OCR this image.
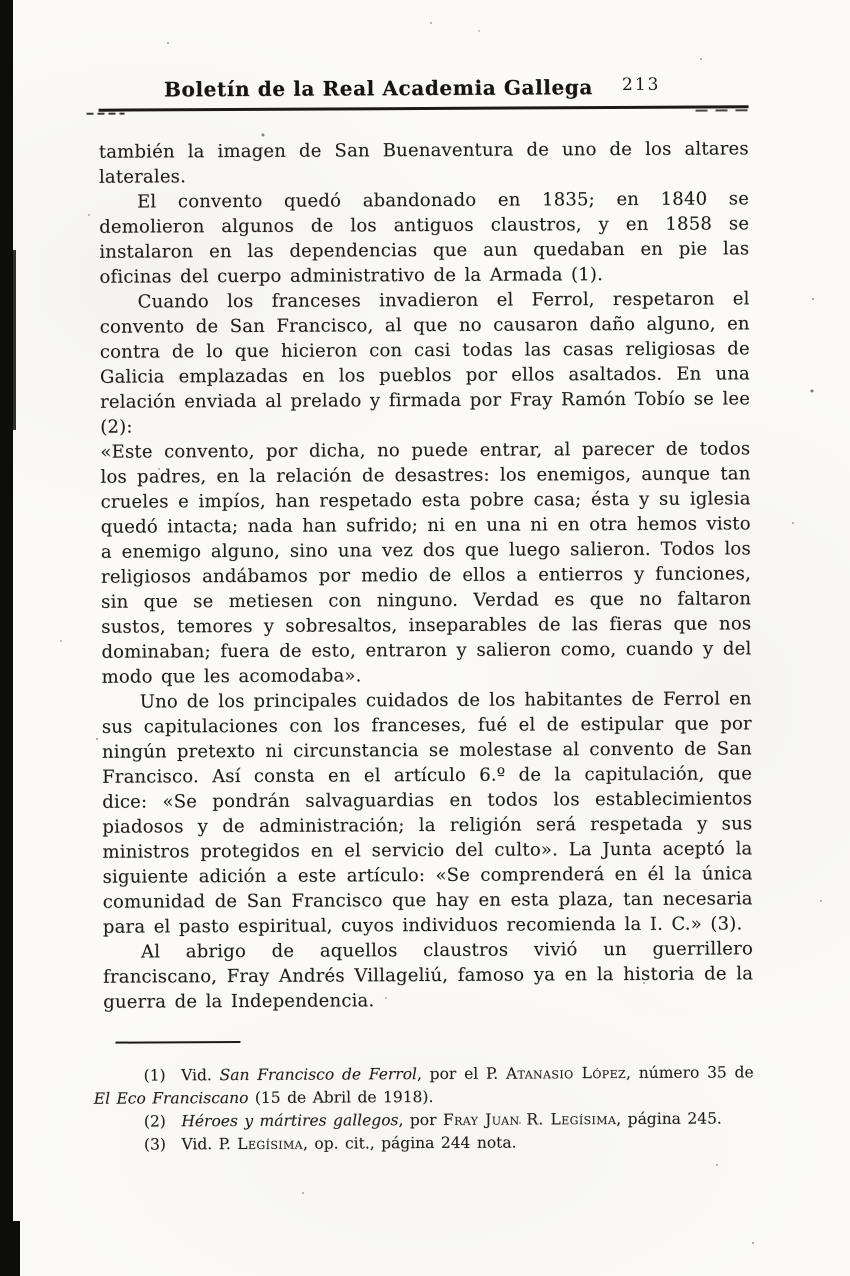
Boletín de la Real Academia Gallega 213

también la imagen de San Buenaventura de uno de los altares laterales.

El convento quedó abandonado en 1835; en 1840 se demolieron algunos de los antiguos claustros, y en 1858 se instalaron en las dependencias que aun quedaban en pie las oficinas del cuerpo administrativo de la Armada (1).

Cuando los franceses invadieron el Ferrol, respetaron el convento de San Francisco, al que no causaron daño alguno, en contra de lo que hicieron con casi todas las casas religiosas de Galicia emplazadas en los pueblos por ellos asaltados. En una relación enviada al prelado y firmada por Fray Ramón Tobío se lee (2):

«Este convento, por dicha, no puede entrar, al parecer de todos los padres, en la relación de desastres: los enemigos, aunque tan crueles e impíos, han respetado esta pobre casa; ésta y su iglesia quedó intacta; nada han sufrido; ni en una ni en otra hemos visto a enemigo alguno, sino una vez dos que luego salieron. Todos los religiosos andábamos por medio de ellos a entierros y funciones, sin que se metiesen con ninguno. Verdad es que no faltaron sustos, temores y sobresaltos, inseparables de las fieras que nos dominaban; fuera de esto, entraron y salieron como, cuando y del modo que les acomodaba».

Uno de los principales cuidados de los habitantes de Ferrol en sus capitulaciones con los franceses, fué el de estipular que por ningún pretexto ni circunstancia se molestase al convento de San Francisco. Así consta en el artículo 6.º de la capitulación, que dice: «Se pondrán salvaguardias en todos los establecimientos piadosos y de administración; la religión será respetada y sus ministros protegidos en el servicio del culto». La Junta aceptó la siguiente adición a este artículo: «Se comprenderá en él la única comunidad de San Francisco que hay en esta plaza, tan necesaria para el pasto espiritual, cuyos individuos recomienda la I. C.» (3).

Al abrigo de aquellos claustros vivió un guerrillero franciscano, Fray Andrés Villageliú, famoso ya en la historia de la guerra de la Independencia.

(1) Vid. San Francisco de Ferrol, por el P. Atanasio López, número 35 de El Eco Franciscano (15 de Abril de 1918).

(2) Héroes y mártires gallegos, por Fray Juan R. Legísima, página 245.

(3) Vid. P. Legísima, op. cit., página 244 nota.
